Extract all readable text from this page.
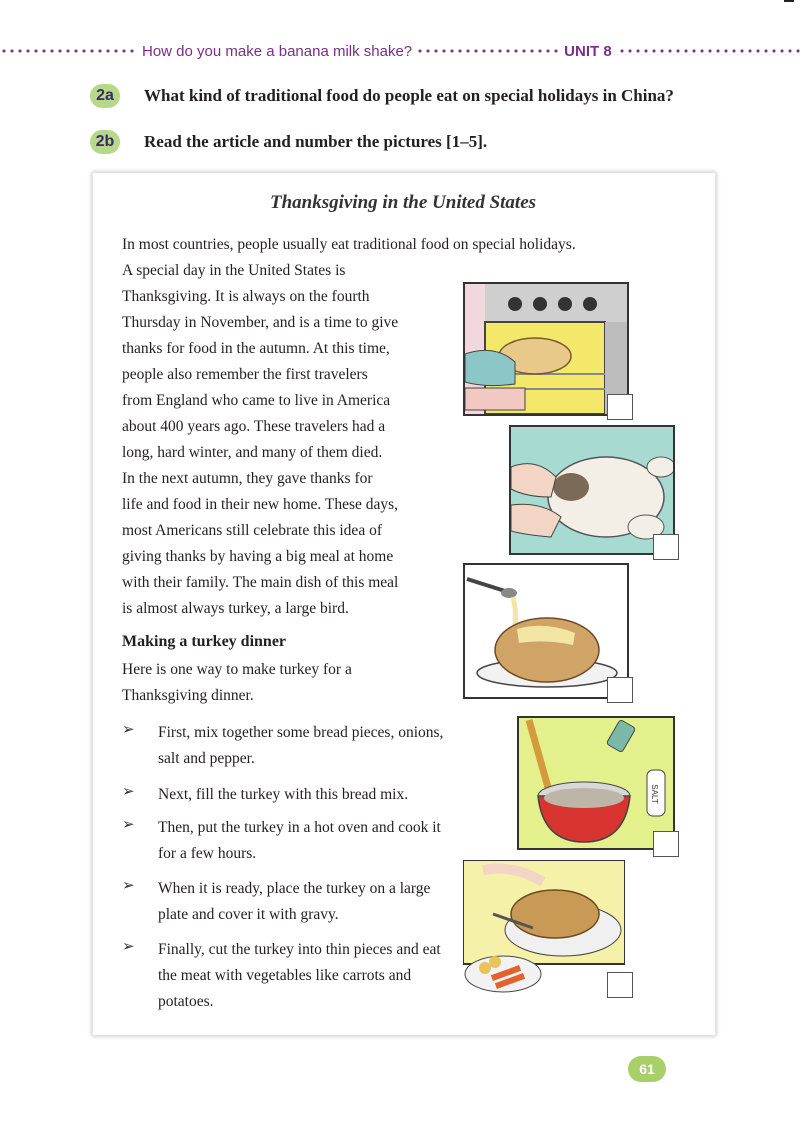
How do you make a banana milk shake?	UNIT 8
2a	What kind of traditional food do people eat on special holidays in China?
2b	Read the article and number the pictures [1–5].
Thanksgiving in the United States
In most countries, people usually eat traditional food on special holidays.
A special day in the United States is
Thanksgiving. It is always on the fourth
Thursday in November, and is a time to give
thanks for food in the autumn. At this time,
people also remember the first travelers
from England who came to live in America
about 400 years ago. These travelers had a
long, hard winter, and many of them died.
In the next autumn, they gave thanks for
life and food in their new home. These days,
most Americans still celebrate this idea of
giving thanks by having a big meal at home
with their family. The main dish of this meal
is almost always turkey, a large bird.
Making a turkey dinner
Here is one way to make turkey for a
Thanksgiving dinner.
➢	First, mix together some bread pieces, onions, salt and pepper.
➢	Next, fill the turkey with this bread mix.
➢	Then, put the turkey in a hot oven and cook it for a few hours.
➢	When it is ready, place the turkey on a large plate and cover it with gravy.
➢	Finally, cut the turkey into thin pieces and eat the meat with vegetables like carrots and potatoes.
SALT
61
